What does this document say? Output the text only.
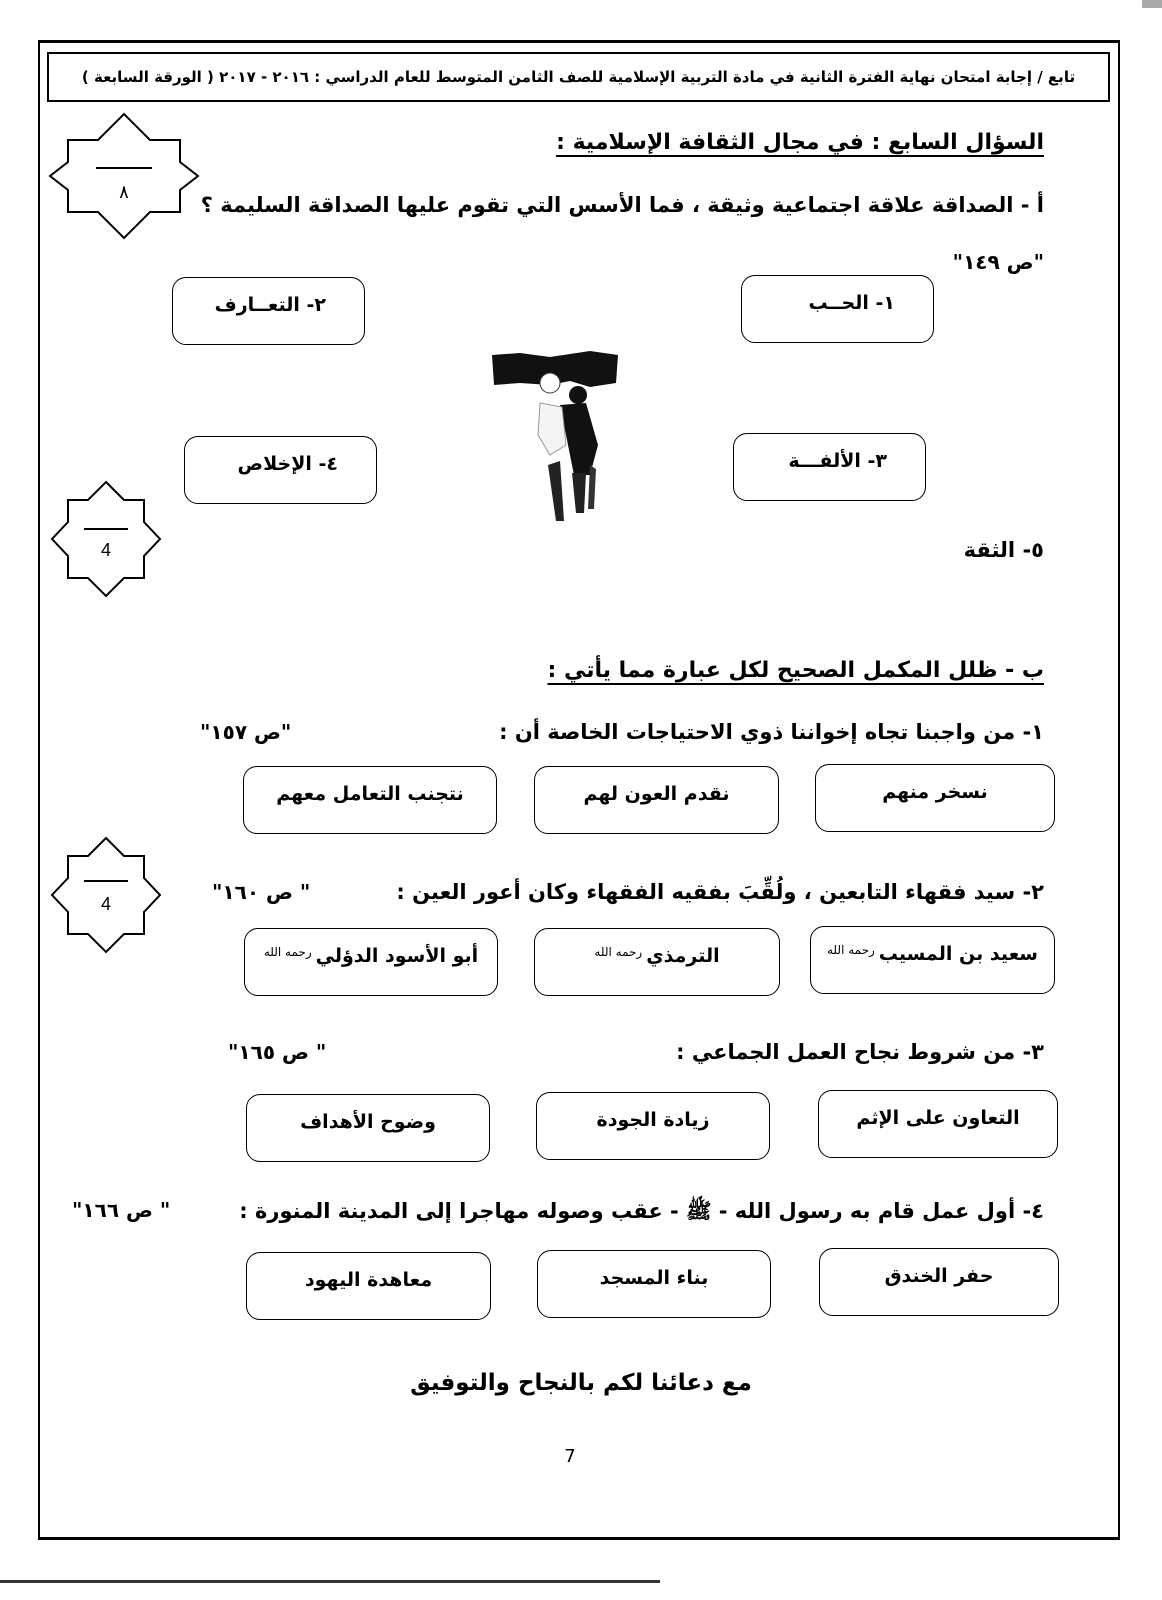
تابع / إجابة امتحان نهاية الفترة الثانية في مادة التربية الإسلامية للصف الثامن المتوسط للعام الدراسي : ٢٠١٦ - ٢٠١٧ ( الورقة السابعة )
٨
السؤال السابع : في مجال الثقافة الإسلامية :
أ - الصداقة علاقة اجتماعية وثيقة ، فما الأسس التي تقوم عليها الصداقة السليمة ؟
"ص ١٤٩"
١- الحــب
٢- التعــارف
٣- الألفـــة
٤- الإخلاص
٥- الثقة
4
ب - ظلل المكمل الصحيح لكل عبارة مما يأتي :
١- من واجبنا تجاه إخواننا ذوي الاحتياجات الخاصة أن :
"ص ١٥٧"
نسخر منهم
نقدم العون لهم
نتجنب التعامل معهم
4	٢- سيد فقهاء التابعين ، ولُقِّبَ بفقيه الفقهاء وكان أعور العين :
" ص ١٦٠"
سعيد بن المسيب
رحمه الله
الترمذي
رحمه الله
أبو الأسود الدؤلي
رحمه الله
٣- من شروط نجاح العمل الجماعي :
" ص ١٦٥"
التعاون على الإثم
زيادة الجودة
وضوح الأهداف
٤- أول عمل قام به رسول الله - ﷺ - عقب وصوله مهاجرا إلى المدينة المنورة :
" ص ١٦٦"
حفر الخندق
بناء المسجد
معاهدة اليهود
مع دعائنا لكم بالنجاح والتوفيق
7
